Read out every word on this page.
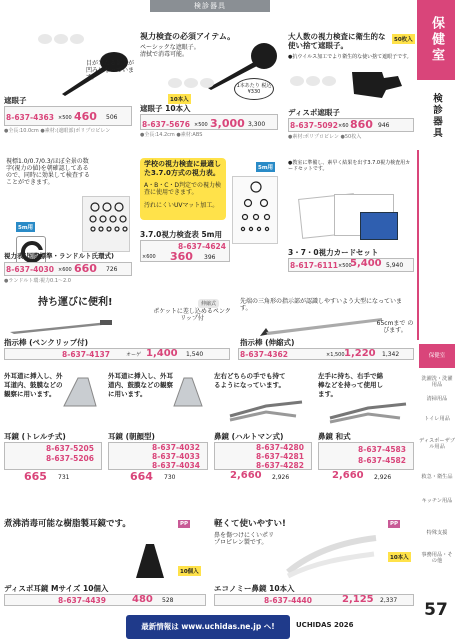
検診器具
目が当たる部分が凹みになっています。
遮眼子
8-637-4363 ×500 460 506
●全長:10.0cm ●素材:(遮眼部)ポリプロピレン
視力検査の必須アイテム。
ペーシックな遮眼子。清拭で消毒可能。
1本あたり 税込¥330
10本入
遮眼子 10本入
8-637-5676 ×500 3,000 3,300
●全長:14.2cm ●素材:ABS
大人数の視力検査に衛生的な使い捨て遮眼子。
50枚入
●抗ウイルス加工でより衛生的な使い捨て遮眼子です。
ディスポ遮眼子
8-637-5092 ×60 860 946
●素材:ポリプロピレン ●50枚入
視標1.0/0.7/0.3/ほぼ全景の数字(視力の値)を朝確認してあるので、同時に効果して検査することができます。
5m用
視力表(国際標準・ランドルト氏環式)
8-637-4030 ×600 660 726
●ランドルト環:視力0.1〜2.0
学校の視力検査に最適した3.7.0方式の視力表。
A・B・C・D判定での視力検査に使用できます。
汚れにくいUVマット加工。
5m用
3.7.0視力検査表 5m用
8-637-4624
×600 360 396
●教室に準備し、素早く結果を出す3.7.0視力検査用カードセットです。
3・7・0視力カードセット
8-617-6111 ×500
5,400 5,940
持ち運びに便利!	伸縮式
ポケットに差し込めるペンクリップ付
指示棒 (ペンクリップ付)
8-637-4137	オーゲ 1,400 1,540
先端の三角形の指示部が認識しやすいよう大型になっています。
65cmまで のびます。
指示棒 (伸縮式)
8-637-4362	×1,500 1,220 1,342
外耳道に挿入し、外耳道内、鼓膜などの観察に用います。
耳鏡 (トレルチ式)
8-637-5205
8-637-5206
665 731
外耳道に挿入し、外耳道内、鼓膜などの観察に用います。
耳鏡 (朝顔型)
8-637-4032
8-637-4033
8-637-4034
664 730
左右どちらの手でも持てるようになっています。
鼻鏡 (ハルトマン式)
8-637-4280
8-637-4281
8-637-4282
2,660 2,926
左手に持ち、右手で綿棒などを持って使用します。
鼻鏡 和式
8-637-4583
8-637-4582
2,660 2,926
煮沸消毒可能な樹脂製耳鏡です。	PP
10個入
ディスポ耳鏡 Mサイズ 10個入
8-637-4439	480 528
軽くて使いやすい!	PP
鼻を傷つけにくいポリプロピレン製です。
10本入
エコノミー鼻鏡 10本入
8-637-4440	2,125 2,337
保健室
検診器具
保健室
洗濯洗・洗濯用品
清掃用品
トイレ用品
ディスポーザブル用品
救急・衛生品
キッチン用品
特殊支援
事務用品・その他
57
最新情報は www.uchidas.ne.jp へ!	UCHIDAS 2026
